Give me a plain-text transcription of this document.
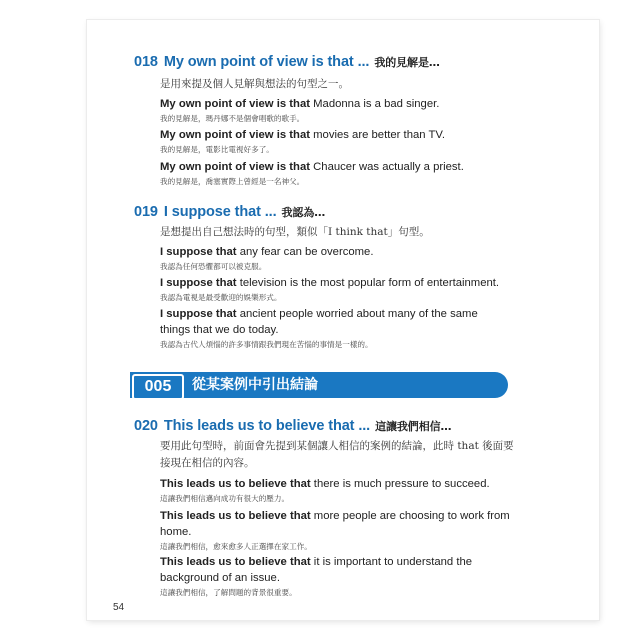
018 My own point of view is that ... 我的見解是…
是用來提及個人見解與想法的句型之一。
My own point of view is that Madonna is a bad singer.
我的見解是，瑪丹娜不是個會唱歌的歌手。
My own point of view is that movies are better than TV.
我的見解是，電影比電視好多了。
My own point of view is that Chaucer was actually a priest.
我的見解是，喬塞實際上曾經是一名神父。
019 I suppose that ... 我認為…
是想提出自己想法時的句型，類似「I think that」句型。
I suppose that any fear can be overcome.
我認為任何恐懼都可以被克服。
I suppose that television is the most popular form of entertainment.
我認為電視是最受歡迎的娛樂形式。
I suppose that ancient people worried about many of the same things that we do today.
我認為古代人煩惱的許多事情跟我們現在苦惱的事情是一樣的。
005	從某案例中引出結論
020 This leads us to believe that ... 這讓我們相信…
要用此句型時，前面會先提到某個讓人相信的案例的結論，此時 that 後面要接現在相信的內容。
This leads us to believe that there is much pressure to succeed.
這讓我們相信邁向成功有很大的壓力。
This leads us to believe that more people are choosing to work from home.
這讓我們相信，愈來愈多人正選擇在家工作。
This leads us to believe that it is important to understand the background of an issue.
這讓我們相信，了解問題的背景很重要。
54
